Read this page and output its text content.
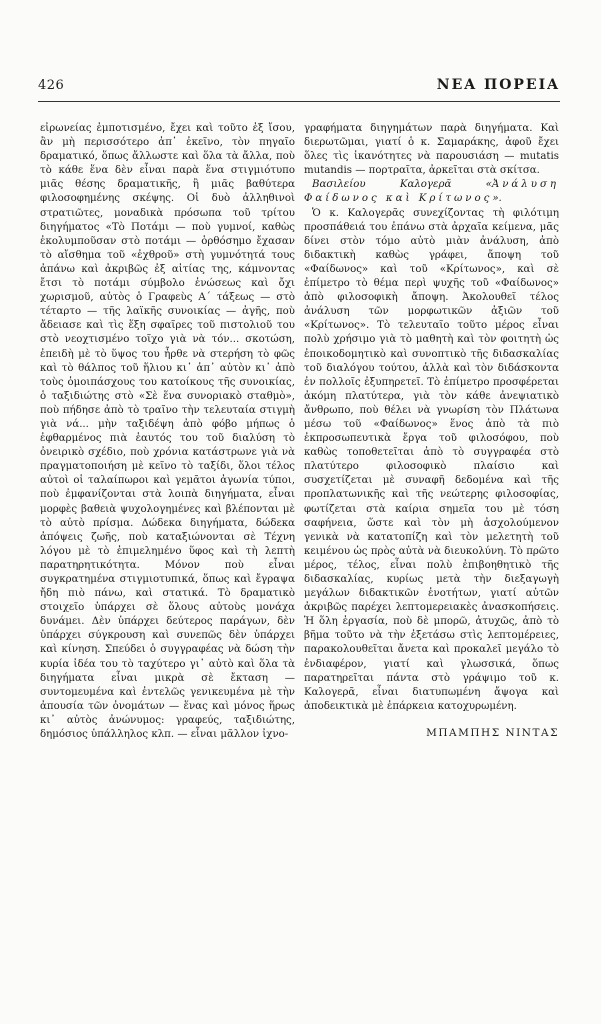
426	ΝΕΑ ΠΟΡΕΙΑ

εἰρωνείας ἐμποτισμένο, ἔχει καὶ τοῦτο ἐξ ἴσου, ἂν μὴ περισσότερο ἀπ᾿ ἐκεῖνο, τὸν πηγαῖο δραματικό, ὅπως ἄλλωστε καὶ ὅλα τὰ ἄλλα, ποὺ τὸ κάθε ἕνα δὲν εἶναι παρὰ ἕνα στιγμιότυπο μιᾶς θέσης δραματικῆς, ἢ μιᾶς βαθύτερα φιλοσοφημένης σκέψης. Οἱ δυὸ ἀλληθινοὶ στρατιῶτες, μοναδικὰ πρόσωπα τοῦ τρίτου διηγήματος «Τὸ Ποτάμι — ποὺ γυμνοί, καθὼς ἐκολυμποῦσαν στὸ ποτάμι — ὁρθόσημο ἔχασαν τὸ αἴσθημα τοῦ «ἐχθροῦ» στὴ γυμνότητά τους ἀπάνω καὶ ἀκριβῶς ἐξ αἰτίας της, κάμνοντας ἔτσι τὸ ποτάμι σύμβολο ἑνώσεως καὶ ὄχι χωρισμοῦ, αὐτὸς ὁ Γραφεὺς Α΄ τάξεως — στὸ τέταρτο — τῆς λαϊκῆς συνοικίας — ἀγῆς, ποὺ ἄδειασε καὶ τὶς ἕξη σφαῖρες τοῦ πιστολιοῦ του στὸ νεοχτισμένο τοῖχο γιὰ νὰ τόν... σκοτώση, ἐπειδὴ μὲ τὸ ὕψος του ἦρθε νὰ στερήση τὸ φῶς καὶ τὸ θάλπος τοῦ ἥλιου κι᾿ ἀπ᾿ αὐτὸν κι᾿ ἀπὸ τοὺς ὁμοιπάσχους του κατοίκους τῆς συνοικίας, ὁ ταξιδιώτης στὸ «Σὲ ἕνα συνοριακὸ σταθμὸ», ποὺ πήδησε ἀπὸ τὸ τραῖνο τὴν τελευταία στιγμὴ γιὰ νά... μὴν ταξιδέψη ἀπὸ φόβο μήπως ὁ ἐφθαρμένος πιὰ ἑαυτός του τοῦ διαλύση τὸ ὀνειρικὸ σχέδιο, ποὺ χρόνια κατάστρωνε γιὰ νὰ πραγματοποιήση μὲ κεῖνο τὸ ταξίδι, ὅλοι τέλος αὐτοὶ οἱ ταλαίπωροι καὶ γεμᾶτοι ἀγωνία τύποι, ποὺ ἐμφανίζονται στὰ λοιπὰ διηγήματα, εἶναι μορφὲς βαθειὰ ψυχολογημένες καὶ βλέπονται μὲ τὸ αὐτὸ πρίσμα. Δώδεκα διηγήματα, δώδεκα ἀπόψεις ζωῆς, ποὺ καταξιώνονται σὲ Τέχνη λόγου μὲ τὸ ἐπιμελημένο ὕφος καὶ τὴ λεπτὴ παρατηρητικότητα. Μόνον ποὺ εἶναι συγκρατημένα στιγμιοτυπικά, ὅπως καὶ ἔγραψα ἤδη πιὸ πάνω, καὶ στατικά. Τὸ δραματικὸ στοιχεῖο ὑπάρχει σὲ ὅλους αὐτοὺς μονάχα δυνάμει. Δὲν ὑπάρχει δεύτερος παράγων, δὲν ὑπάρχει σύγκρουση καὶ συνεπῶς δὲν ὑπάρχει καὶ κίνηση. Σπεύδει ὁ συγγραφέας νὰ δώση τὴν κυρία ἰδέα του τὸ ταχύτερο γι᾿ αὐτὸ καὶ ὅλα τὰ διηγήματα εἶναι μικρὰ σὲ ἔκταση — συντομευμένα καὶ ἐντελῶς γενικευμένα μὲ τὴν ἀπουσία τῶν ὀνομάτων — ἕνας καὶ μόνος ἥρως κι᾿ αὐτὸς ἀνώνυμος: γραφεύς, ταξιδιώτης, δημόσιος ὑπάλληλος κλπ. — εἶναι μᾶλλον ἰχνο-

γραφήματα διηγημάτων παρὰ διηγήματα. Καὶ διερωτῶμαι, γιατί ὁ κ. Σαμαράκης, ἀφοῦ ἔχει ὅλες τὶς ἱκανότητες νὰ παρουσιάση — mutatis mutandis — πορτραῖτα, ἀρκεῖται στὰ σκίτσα.

Βασιλείου Καλογερᾶ «Ἀνάλυση Φαίδωνος καὶ Κρίτωνος».

Ὁ κ. Καλογερᾶς συνεχίζοντας τὴ φιλότιμη προσπάθειά του ἐπάνω στὰ ἀρχαῖα κείμενα, μᾶς δίνει στὸν τόμο αὐτὸ μιὰν ἀνάλυση, ἀπὸ διδακτικὴ καθὼς γράφει, ἄποψη τοῦ «Φαίδωνος» καὶ τοῦ «Κρίτωνος», καὶ σὲ ἐπίμετρο τὸ θέμα περὶ ψυχῆς τοῦ «Φαίδωνος» ἀπὸ φιλοσοφικὴ ἄποψη. Ἀκολουθεῖ τέλος ἀνάλυση τῶν μορφωτικῶν ἀξιῶν τοῦ «Κρίτωνος». Τὸ τελευταῖο τοῦτο μέρος εἶναι πολὺ χρήσιμο γιὰ τὸ μαθητὴ καὶ τὸν φοιτητὴ ὡς ἐποικοδομητικὸ καὶ συνοπτικὸ τῆς διδασκαλίας τοῦ διαλόγου τούτου, ἀλλὰ καὶ τὸν διδάσκοντα ἐν πολλοῖς ἐξυπηρετεῖ. Τὸ ἐπίμετρο προσφέρεται ἀκόμη πλατύτερα, γιὰ τὸν κάθε ἀνεψιατικὸ ἄνθρωπο, ποὺ θέλει νὰ γνωρίση τὸν Πλάτωνα μέσω τοῦ «Φαίδωνος» ἕνος ἀπὸ τὰ πιὸ ἐκπροσωπευτικὰ ἔργα τοῦ φιλοσόφου, ποὺ καθὼς τοποθετεῖται ἀπὸ τὸ συγγραφέα στὸ πλατύτερο φιλοσοφικὸ πλαίσιο καὶ συσχετίζεται μὲ συναφῆ δεδομένα καὶ τῆς προπλατωνικῆς καὶ τῆς νεώτερης φιλοσοφίας, φωτίζεται στὰ καίρια σημεῖα του μὲ τόση σαφήνεια, ὥστε καὶ τὸν μὴ ἀσχολούμενον γενικὰ νὰ κατατοπίζη καὶ τὸν μελετητὴ τοῦ κειμένου ὡς πρὸς αὐτὰ νὰ διευκολύνη. Τὸ πρῶτο μέρος, τέλος, εἶναι πολὺ ἐπιβοηθητικὸ τῆς διδασκαλίας, κυρίως μετὰ τὴν διεξαγωγὴ μεγάλων διδακτικῶν ἑνοτήτων, γιατί αὐτῶν ἀκριβῶς παρέχει λεπτομερειακὲς ἀνασκοπήσεις. Ἡ ὅλη ἐργασία, ποὺ δὲ μπορῶ, ἀτυχῶς, ἀπὸ τὸ βῆμα τοῦτο νὰ τὴν ἐξετάσω στὶς λεπτομέρειες, παρακολουθεῖται ἄνετα καὶ προκαλεῖ μεγάλο τὸ ἐνδιαφέρον, γιατί καὶ γλωσσικά, ὅπως παρατηρεῖται πάντα στὸ γράψιμο τοῦ κ. Καλογερᾶ, εἶναι διατυπωμένη ἄψογα καὶ ἀποδεικτικὰ μὲ ἐπάρκεια κατοχυρωμένη.

ΜΠΑΜΠΗΣ ΝΙΝΤΑΣ
